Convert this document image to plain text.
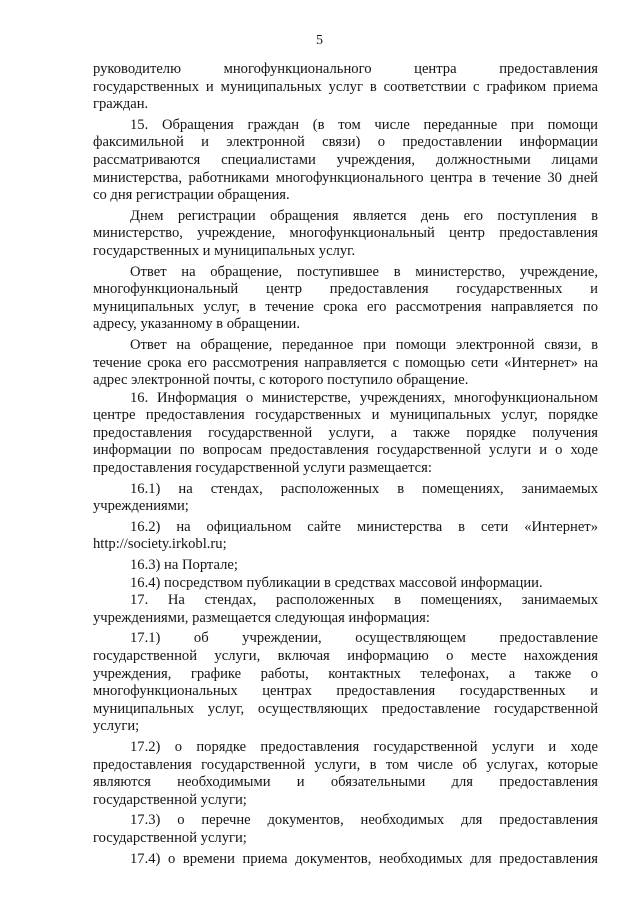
5
руководителю многофункционального центра предоставления
государственных и муниципальных услуг в соответствии с графиком приема
граждан.
15. Обращения граждан (в том числе переданные при помощи
факсимильной и электронной связи) о предоставлении информации
рассматриваются специалистами учреждения, должностными лицами
министерства, работниками многофункционального центра в течение 30 дней
со дня регистрации обращения.
Днем регистрации обращения является день его поступления в
министерство, учреждение, многофункциональный центр предоставления
государственных и муниципальных услуг.
Ответ на обращение, поступившее в министерство, учреждение,
многофункциональный центр предоставления государственных и
муниципальных услуг, в течение срока его рассмотрения направляется по
адресу, указанному в обращении.
Ответ на обращение, переданное при помощи электронной связи, в
течение срока его рассмотрения направляется с помощью сети «Интернет» на
адрес электронной почты, с которого поступило обращение.
16. Информация о министерстве, учреждениях, многофункциональном
центре предоставления государственных и муниципальных услуг, порядке
предоставления государственной услуги, а также порядке получения
информации по вопросам предоставления государственной услуги и о ходе
предоставления государственной услуги размещается:
16.1) на стендах, расположенных в помещениях, занимаемых
учреждениями;
16.2) на официальном сайте министерства в сети «Интернет»
http://society.irkobl.ru;
16.3) на Портале;
16.4) посредством публикации в средствах массовой информации.
17. На стендах, расположенных в помещениях, занимаемых
учреждениями, размещается следующая информация:
17.1) об учреждении, осуществляющем предоставление
государственной услуги, включая информацию о месте нахождения
учреждения, графике работы, контактных телефонах, а также о
многофункциональных центрах предоставления государственных и
муниципальных услуг, осуществляющих предоставление государственной
услуги;
17.2) о порядке предоставления государственной услуги и ходе
предоставления государственной услуги, в том числе об услугах, которые
являются необходимыми и обязательными для предоставления
государственной услуги;
17.3) о перечне документов, необходимых для предоставления
государственной услуги;
17.4) о времени приема документов, необходимых для предоставления
